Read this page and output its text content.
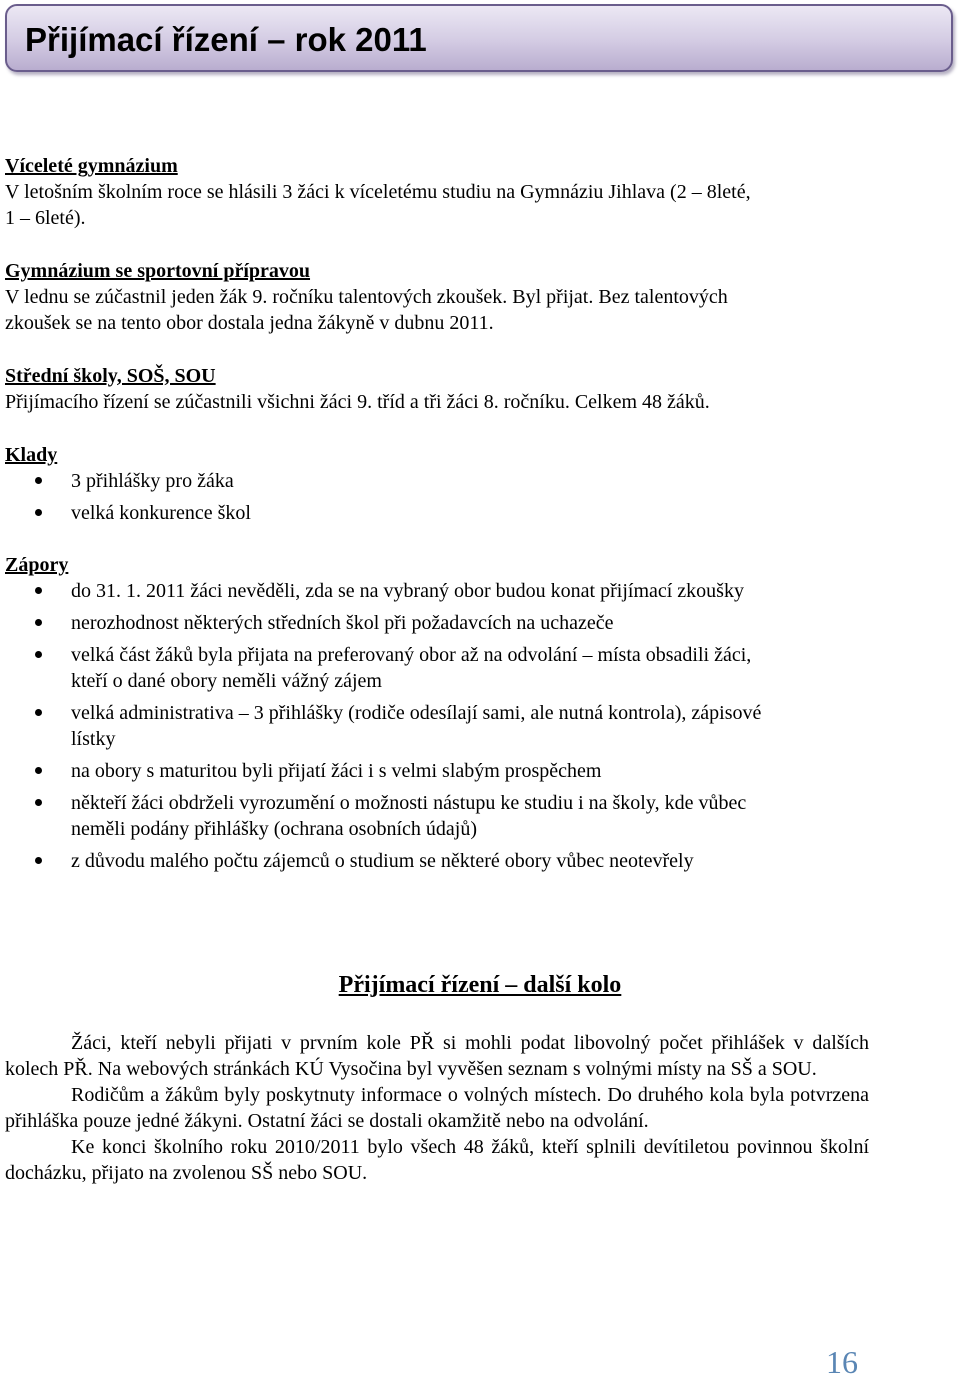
Přijímací řízení – rok 2011
Víceleté gymnázium
V letošním školním roce se hlásili 3 žáci k víceletému studiu na Gymnáziu Jihlava (2 – 8leté,
1 – 6leté).
Gymnázium se sportovní přípravou
V lednu se zúčastnil jeden žák 9. ročníku talentových zkoušek. Byl přijat. Bez talentových
zkoušek se na tento obor dostala jedna žákyně v dubnu 2011.
Střední školy, SOŠ, SOU
Přijímacího řízení se zúčastnili všichni žáci 9. tříd a tři žáci 8. ročníku. Celkem 48 žáků.
Klady
3 přihlášky pro žáka
velká konkurence škol
Zápory
do 31. 1. 2011 žáci nevěděli, zda se na vybraný obor budou konat přijímací zkoušky
nerozhodnost některých středních škol při požadavcích na uchazeče
velká část žáků byla přijata na preferovaný obor až na odvolání – místa obsadili žáci,
kteří o dané obory neměli vážný zájem
velká administrativa – 3 přihlášky (rodiče odesílají sami, ale nutná kontrola), zápisové
lístky
na obory s maturitou byli přijatí žáci i s velmi slabým prospěchem
někteří žáci obdrželi vyrozumění o možnosti nástupu ke studiu i na školy, kde vůbec
neměli podány přihlášky (ochrana osobních údajů)
z důvodu malého počtu zájemců o studium se některé obory vůbec neotevřely
Přijímací řízení – další kolo
Žáci, kteří nebyli přijati v prvním kole PŘ si mohli podat libovolný počet přihlášek v dalších kolech PŘ. Na webových stránkách KÚ Vysočina byl vyvěšen seznam s volnými místy na SŠ a SOU.
Rodičům a žákům byly poskytnuty informace o volných místech. Do druhého kola byla potvrzena přihláška pouze jedné žákyni. Ostatní žáci se dostali okamžitě nebo na odvolání.
Ke konci školního roku 2010/2011 bylo všech 48 žáků, kteří splnili devítiletou povinnou školní docházku, přijato na zvolenou SŠ nebo SOU.
16
